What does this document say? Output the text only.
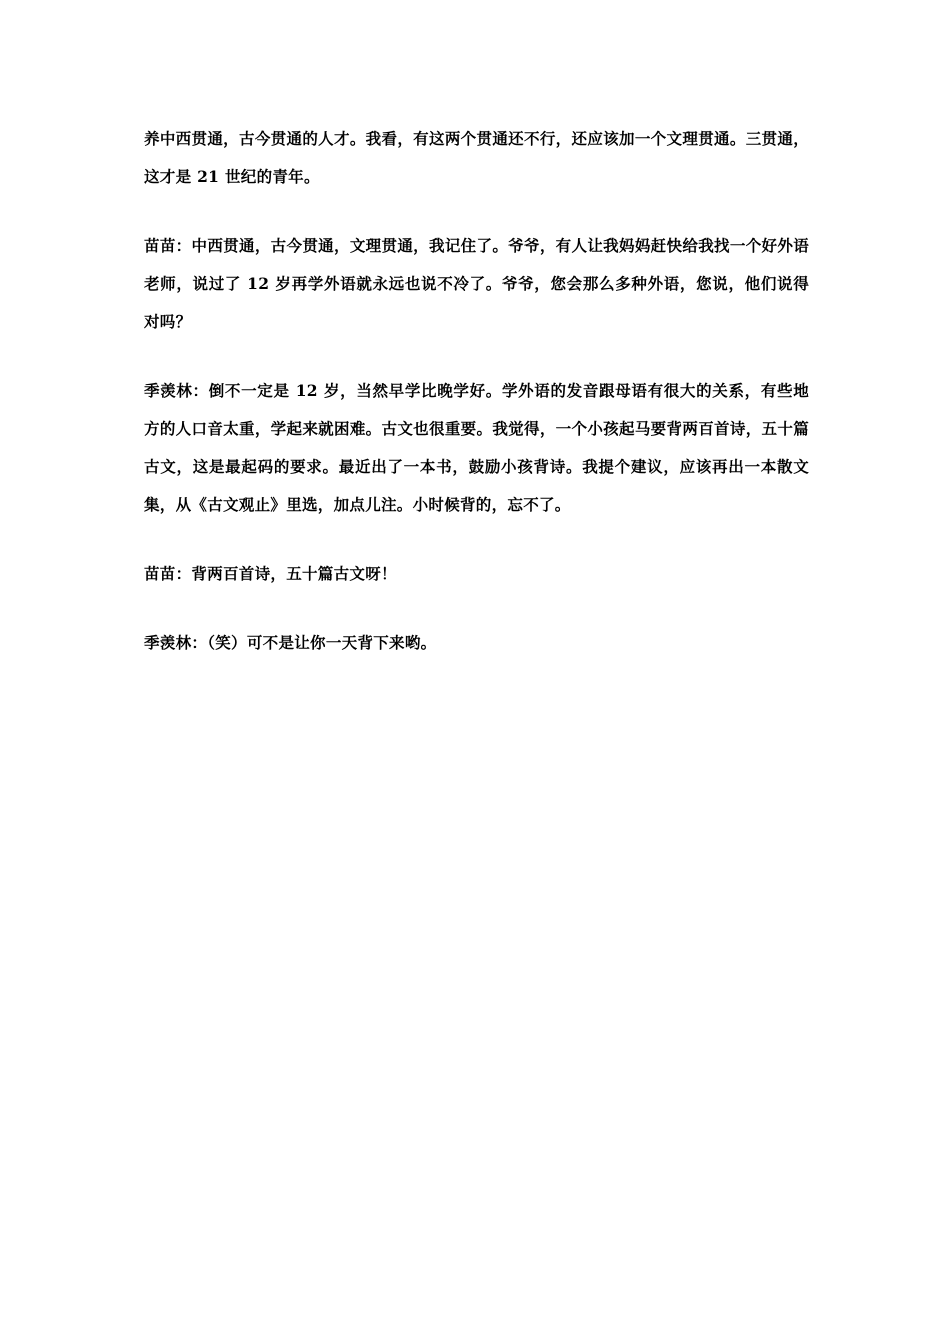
养中西贯通，古今贯通的人才。我看，有这两个贯通还不行，还应该加一个文理贯通。三贯通，这才是 21 世纪的青年。

苗苗：中西贯通，古今贯通，文理贯通，我记住了。爷爷，有人让我妈妈赶快给我找一个好外语老师，说过了 12 岁再学外语就永远也说不冷了。爷爷，您会那么多种外语，您说，他们说得对吗？

季羡林：倒不一定是 12 岁，当然早学比晚学好。学外语的发音跟母语有很大的关系，有些地方的人口音太重，学起来就困难。古文也很重要。我觉得，一个小孩起马要背两百首诗，五十篇古文，这是最起码的要求。最近出了一本书，鼓励小孩背诗。我提个建议，应该再出一本散文集，从《古文观止》里选，加点儿注。小时候背的，忘不了。

苗苗：背两百首诗，五十篇古文呀！

季羡林：（笑）可不是让你一天背下来哟。
